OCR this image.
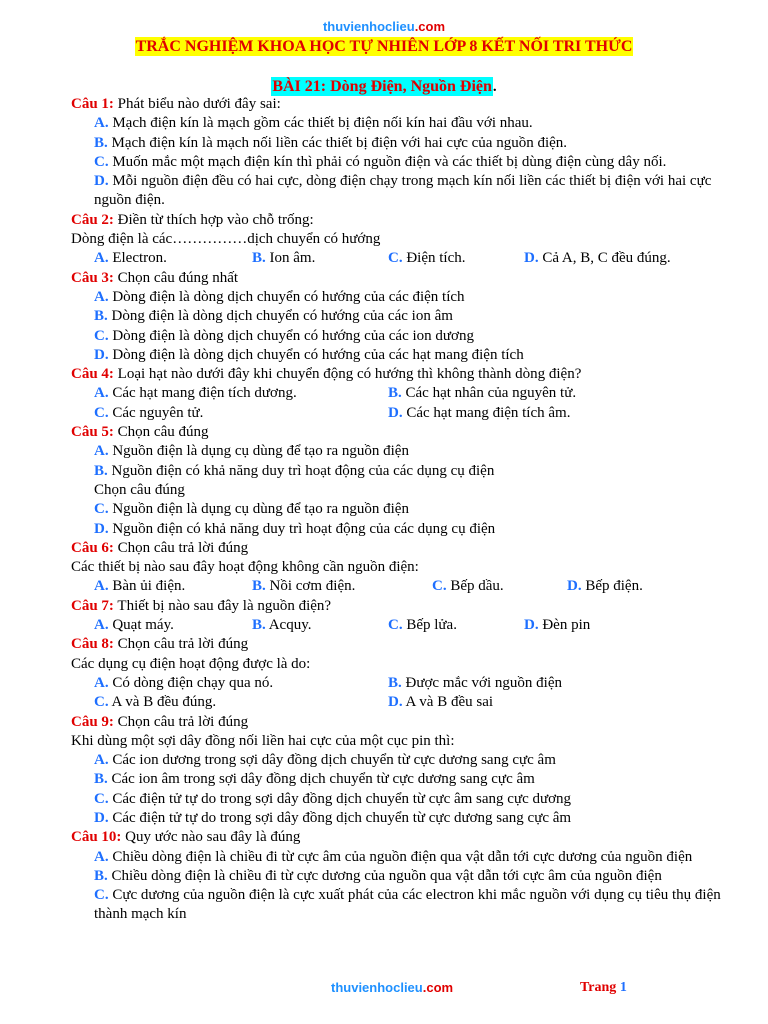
thuvienhoclieu.com
TRẮC NGHIỆM KHOA HỌC TỰ NHIÊN LỚP 8 KẾT NỐI TRI THỨC
BÀI 21: Dòng Điện, Nguồn Điện.
Câu 1: Phát biểu nào dưới đây sai:
A. Mạch điện kín là mạch gồm các thiết bị điện nối kín hai đầu với nhau.
B. Mạch điện kín là mạch nối liền các thiết bị điện với hai cực của nguồn điện.
C. Muốn mắc một mạch điện kín thì phải có nguồn điện và các thiết bị dùng điện cùng dây nối.
D. Mỗi nguồn điện đều có hai cực, dòng điện chạy trong mạch kín nối liền các thiết bị điện với hai cực nguồn điện.
Câu 2: Điền từ thích hợp vào chỗ trống:
Dòng điện là các……………dịch chuyển có hướng
A. Electron.	B. Ion âm.	C. Điện tích.	D. Cả A, B, C đều đúng.
Câu 3: Chọn câu đúng nhất
A. Dòng điện là dòng dịch chuyển có hướng của các điện tích
B. Dòng điện là dòng dịch chuyển có hướng của các ion âm
C. Dòng điện là dòng dịch chuyển có hướng của các ion dương
D. Dòng điện là dòng dịch chuyển có hướng của các hạt mang điện tích
Câu 4: Loại hạt nào dưới đây khi chuyển động có hướng thì không thành dòng điện?
A. Các hạt mang điện tích dương.	B. Các hạt nhân của nguyên tử.
C. Các nguyên tử.	D. Các hạt mang điện tích âm.
Câu 5: Chọn câu đúng
A. Nguồn điện là dụng cụ dùng để tạo ra nguồn điện
B. Nguồn điện có khả năng duy trì hoạt động của các dụng cụ điện
Chọn câu đúng
C. Nguồn điện là dụng cụ dùng để tạo ra nguồn điện
D. Nguồn điện có khả năng duy trì hoạt động của các dụng cụ điện
Câu 6: Chọn câu trả lời đúng
Các thiết bị nào sau đây hoạt động không cần nguồn điện:
A. Bàn ủi điện.	B. Nồi cơm điện.	C. Bếp dầu.	D. Bếp điện.
Câu 7: Thiết bị nào sau đây là nguồn điện?
A. Quạt máy.	B. Acquy.	C. Bếp lửa.	D. Đèn pin
Câu 8: Chọn câu trả lời đúng
Các dụng cụ điện hoạt động được là do:
A. Có dòng điện chạy qua nó.	B. Được mắc với nguồn điện
C. A và B đều đúng.	D. A và B đều sai
Câu 9: Chọn câu trả lời đúng
Khi dùng một sợi dây đồng nối liền hai cực của một cục pin thì:
A. Các ion dương trong sợi dây đồng dịch chuyển từ cực dương sang cực âm
B. Các ion âm trong sợi dây đồng dịch chuyển từ cực dương sang cực âm
C. Các điện tử tự do trong sợi dây đồng dịch chuyển từ cực âm sang cực dương
D. Các điện tử tự do trong sợi dây đồng dịch chuyển từ cực dương sang cực âm
Câu 10: Quy ước nào sau đây là đúng
A. Chiều dòng điện là chiều đi từ cực âm của nguồn điện qua vật dẫn tới cực dương của nguồn điện
B. Chiều dòng điện là chiều đi từ cực dương của nguồn qua vật dẫn tới cực âm của nguồn điện
C. Cực dương của nguồn điện là cực xuất phát của các electron khi mắc nguồn với dụng cụ tiêu thụ điện thành mạch kín
thuvienhoclieu.com	Trang 1
